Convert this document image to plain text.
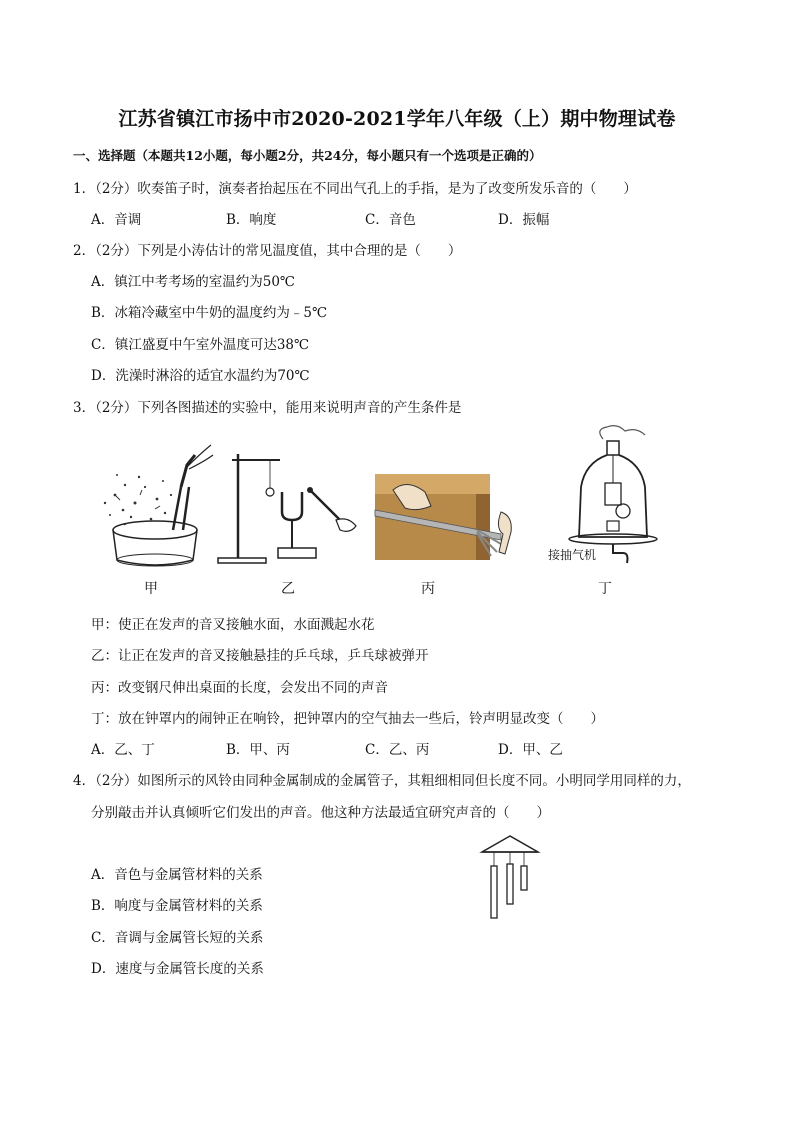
江苏省镇江市扬中市2020-2021学年八年级（上）期中物理试卷
一、选择题（本题共12小题，每小题2分，共24分，每小题只有一个选项是正确的）
1．（2分）吹奏笛子时，演奏者抬起压在不同出气孔上的手指，是为了改变所发乐音的（　　）
A．音调	B．响度	C．音色	D．振幅
2．（2分）下列是小涛估计的常见温度值，其中合理的是（　　）
A．镇江中考考场的室温约为50℃
B．冰箱冷藏室中牛奶的温度约为﹣5℃
C．镇江盛夏中午室外温度可达38℃
D．洗澡时淋浴的适宜水温约为70℃
3．（2分）下列各图描述的实验中，能用来说明声音的产生条件是
接抽气机
甲	乙	丙	丁
甲：使正在发声的音叉接触水面，水面溅起水花
乙：让正在发声的音叉接触悬挂的乒乓球，乒乓球被弹开
丙：改变钢尺伸出桌面的长度，会发出不同的声音
丁：放在钟罩内的闹钟正在响铃，把钟罩内的空气抽去一些后，铃声明显改变（　　）
A．乙、丁	B．甲、丙	C．乙、丙	D．甲、乙
4．（2分）如图所示的风铃由同种金属制成的金属管子，其粗细相同但长度不同。小明同学用同样的力，
分别敲击并认真倾听它们发出的声音。他这种方法最适宜研究声音的（　　）
A．音色与金属管材料的关系
B．响度与金属管材料的关系
C．音调与金属管长短的关系
D．速度与金属管长度的关系
